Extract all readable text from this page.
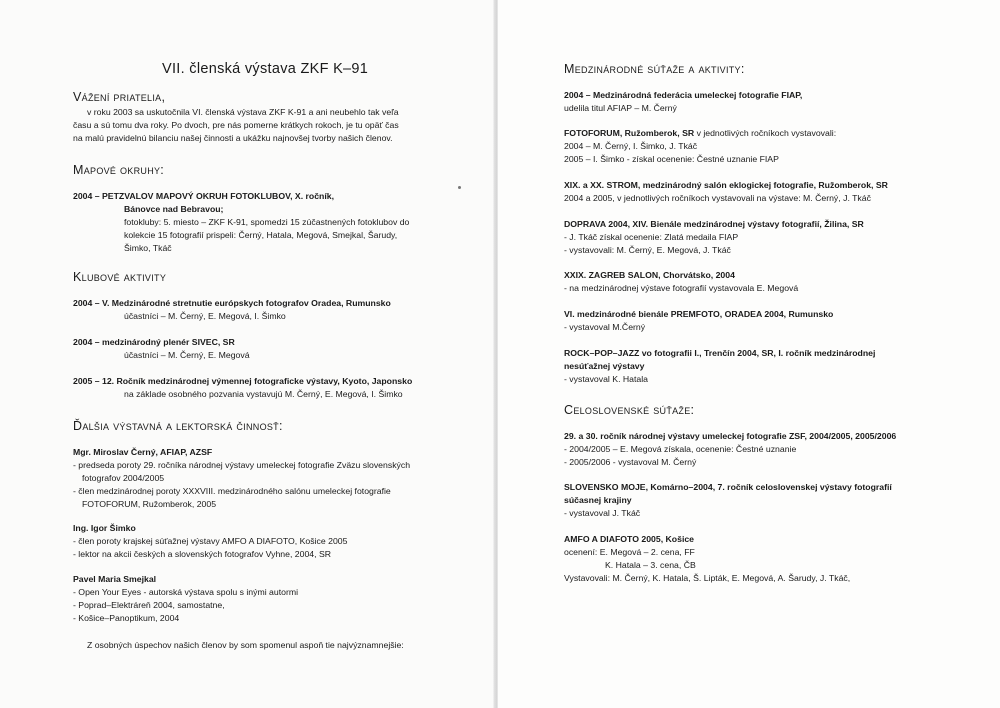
VII. členská výstava ZKF K–91
Vážení priatelia,
v roku 2003 sa uskutočnila VI. členská výstava ZKF K-91 a ani neubehlo tak veľa
času a sú tomu dva roky. Po dvoch, pre nás pomerne krátkych rokoch, je tu opäť čas
na malú pravidelnú bilanciu našej činnosti a ukážku najnovšej tvorby našich členov.
Mapové okruhy:
2004 – PETZVALOV MAPOVÝ OKRUH FOTOKLUBOV, X. ročník,
Bánovce nad Bebravou;
fotokluby: 5. miesto – ZKF K-91, spomedzi 15 zúčastnených fotoklubov do
kolekcie 15 fotografií prispeli: Černý, Hatala, Megová, Smejkal, Šarudy,
Šimko, Tkáč
Klubové aktivity
2004 – V. Medzinárodné stretnutie európskych fotografov Oradea, Rumunsko
účastníci – M. Černý, E. Megová, I. Šimko
2004 – medzinárodný plenér SIVEC, SR
účastníci – M. Černý, E. Megová
2005 – 12. Ročník medzinárodnej výmennej fotograficke výstavy, Kyoto, Japonsko
na základe osobného pozvania vystavujú M. Černý, E. Megová, I. Šimko
Ďalšia výstavná a lektorská činnosť:
Mgr. Miroslav Černý, AFIAP, AZSF
- predseda poroty 29. ročníka národnej výstavy umeleckej fotografie Zväzu slovenských
fotografov 2004/2005
- člen medzinárodnej poroty XXXVIII. medzinárodného salónu umeleckej fotografie
FOTOFORUM, Ružomberok, 2005
Ing. Igor Šimko
- člen poroty krajskej súťažnej výstavy AMFO A DIAFOTO, Košice 2005
- lektor na akcii českých a slovenských fotografov Vyhne, 2004, SR
Pavel Maria Smejkal
- Open Your Eyes - autorská výstava spolu s inými autormi
- Poprad–Elektráreň 2004, samostatne,
- Košice–Panoptikum, 2004
Z osobných úspechov našich členov by som spomenul aspoň tie najvýznamnejšie:
Medzinárodné súťaže a aktivity:
2004 – Medzinárodná federácia umeleckej fotografie FIAP,
udelila titul AFIAP – M. Černý
FOTOFORUM, Ružomberok, SR v jednotlivých ročníkoch vystavovali:
2004 – M. Černý, I. Šimko, J. Tkáč
2005 – I. Šimko - získal ocenenie: Čestné uznanie FIAP
XIX. a XX. STROM, medzinárodný salón eklogickej fotografie, Ružomberok, SR
2004 a 2005, v jednotlivých ročníkoch vystavovali na výstave: M. Černý, J. Tkáč
DOPRAVA 2004, XIV. Bienále medzinárodnej výstavy fotografií, Žilina, SR
- J. Tkáč získal ocenenie: Zlatá medaila FIAP
- vystavovali: M. Černý, E. Megová, J. Tkáč
XXIX. ZAGREB SALON, Chorvátsko, 2004
- na medzinárodnej výstave fotografií vystavovala E. Megová
VI. medzinárodné bienále PREMFOTO, ORADEA 2004, Rumunsko
- vystavoval M.Černý
ROCK–POP–JAZZ vo fotografii I., Trenčín 2004, SR, I. ročník medzinárodnej
nesúťažnej výstavy
- vystavoval K. Hatala
Celoslovenské súťaže:
29. a 30. ročník národnej výstavy umeleckej fotografie ZSF, 2004/2005, 2005/2006
- 2004/2005 – E. Megová získala, ocenenie: Čestné uznanie
- 2005/2006 - vystavoval M. Černý
SLOVENSKO MOJE, Komárno–2004, 7. ročník celoslovenskej výstavy fotografií
súčasnej krajiny
- vystavoval J. Tkáč
AMFO A DIAFOTO 2005, Košice
ocenení: E. Megová – 2. cena, FF
K. Hatala – 3. cena, ČB
Vystavovali: M. Černý, K. Hatala, Š. Lipták, E. Megová, A. Šarudy, J. Tkáč,
